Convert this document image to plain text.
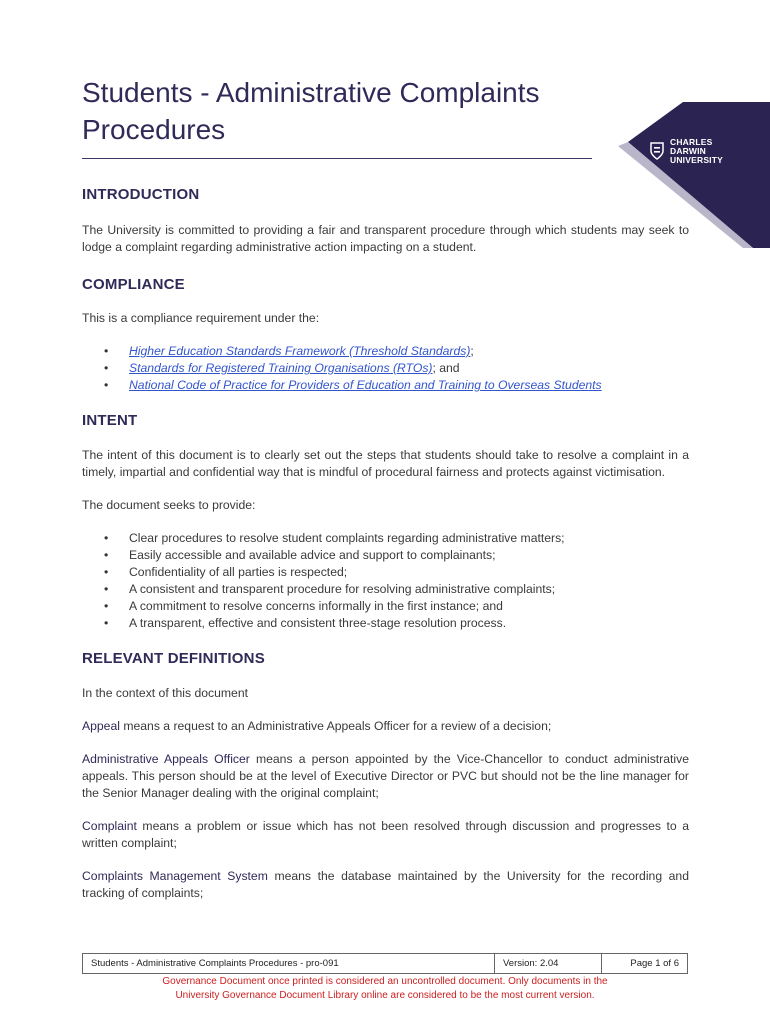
Students - Administrative Complaints Procedures	CHARLES
DARWIN
UNIVERSITY
INTRODUCTION

The University is committed to providing a fair and transparent procedure through which students may seek to lodge a complaint regarding administrative action impacting on a student.

COMPLIANCE

This is a compliance requirement under the:

• Higher Education Standards Framework (Threshold Standards);
• Standards for Registered Training Organisations (RTOs); and
• National Code of Practice for Providers of Education and Training to Overseas Students
INTENT

The intent of this document is to clearly set out the steps that students should take to resolve a complaint in a timely, impartial and confidential way that is mindful of procedural fairness and protects against victimisation.

The document seeks to provide:

• Clear procedures to resolve student complaints regarding administrative matters;
• Easily accessible and available advice and support to complainants;
• Confidentiality of all parties is respected;
• A consistent and transparent procedure for resolving administrative complaints;
• A commitment to resolve concerns informally in the first instance; and
• A transparent, effective and consistent three-stage resolution process.
RELEVANT DEFINITIONS

In the context of this document

Appeal means a request to an Administrative Appeals Officer for a review of a decision;

Administrative Appeals Officer means a person appointed by the Vice-Chancellor to conduct administrative appeals. This person should be at the level of Executive Director or PVC but should not be the line manager for the Senior Manager dealing with the original complaint;

Complaint means a problem or issue which has not been resolved through discussion and progresses to a written complaint;

Complaints Management System means the database maintained by the University for the recording and tracking of complaints;

Students - Administrative Complaints Procedures - pro-091	Version: 2.04	Page 1 of 6
Governance Document once printed is considered an uncontrolled document. Only documents in the
University Governance Document Library online are considered to be the most current version.
